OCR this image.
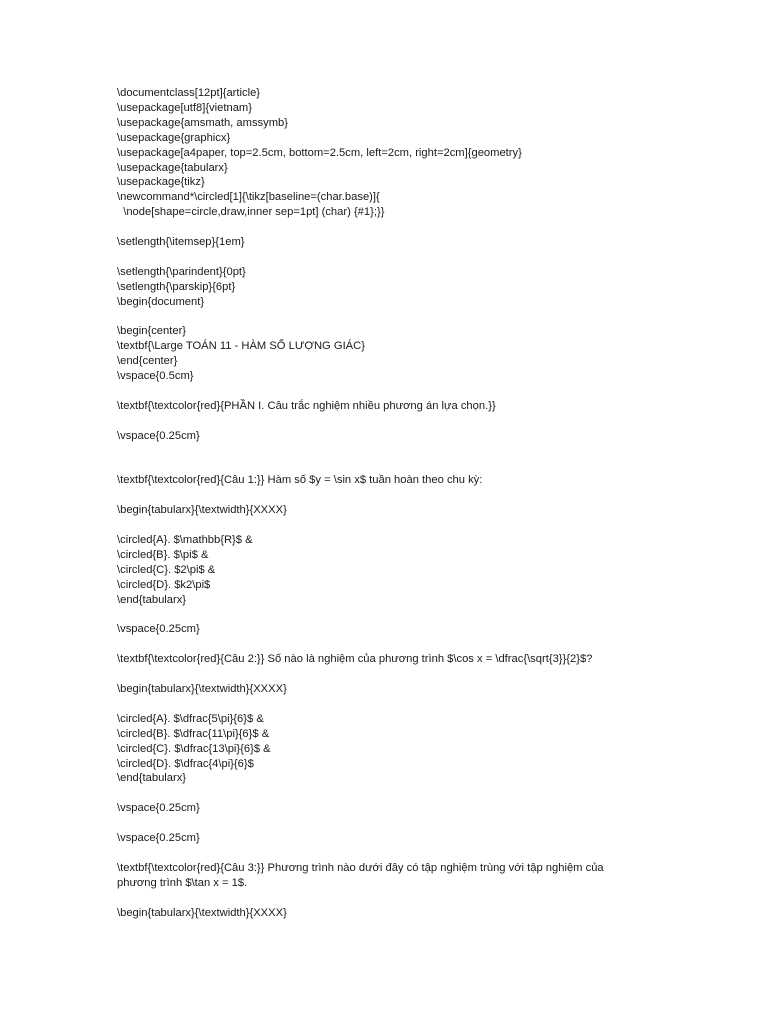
\documentclass[12pt]{article}
\usepackage[utf8]{vietnam}
\usepackage{amsmath, amssymb}
\usepackage{graphicx}
\usepackage[a4paper, top=2.5cm, bottom=2.5cm, left=2cm, right=2cm]{geometry}
\usepackage{tabularx}
\usepackage{tikz}
\newcommand*\circled[1]{\tikz[baseline=(char.base)]{
\node[shape=circle,draw,inner sep=1pt] (char) {#1};}}
\setlength{\itemsep}{1em}
\setlength{\parindent}{0pt}
\setlength{\parskip}{6pt}
\begin{document}
\begin{center}
\textbf{\Large TOÁN 11 - HÀM SỐ LƯỢNG GIÁC}
\end{center}
\vspace{0.5cm}
\textbf{\textcolor{red}{PHẦN I. Câu trắc nghiệm nhiều phương án lựa chọn.}}
\vspace{0.25cm}
\textbf{\textcolor{red}{Câu 1:}} Hàm số $y = \sin x$ tuần hoàn theo chu kỳ:
\begin{tabularx}{\textwidth}{XXXX}
\circled{A}. $\mathbb{R}$ &
\circled{B}. $\pi$ &
\circled{C}. $2\pi$ &
\circled{D}. $k2\pi$
\end{tabularx}
\vspace{0.25cm}
\textbf{\textcolor{red}{Câu 2:}} Số nào là nghiệm của phương trình $\cos x = \dfrac{\sqrt{3}}{2}$?
\begin{tabularx}{\textwidth}{XXXX}
\circled{A}. $\dfrac{5\pi}{6}$ &
\circled{B}. $\dfrac{11\pi}{6}$ &
\circled{C}. $\dfrac{13\pi}{6}$ &
\circled{D}. $\dfrac{4\pi}{6}$
\end{tabularx}
\vspace{0.25cm}
\vspace{0.25cm}
\textbf{\textcolor{red}{Câu 3:}} Phương trình nào dưới đây có tập nghiệm trùng với tập nghiệm của
phương trình $\tan x = 1$.
\begin{tabularx}{\textwidth}{XXXX}
